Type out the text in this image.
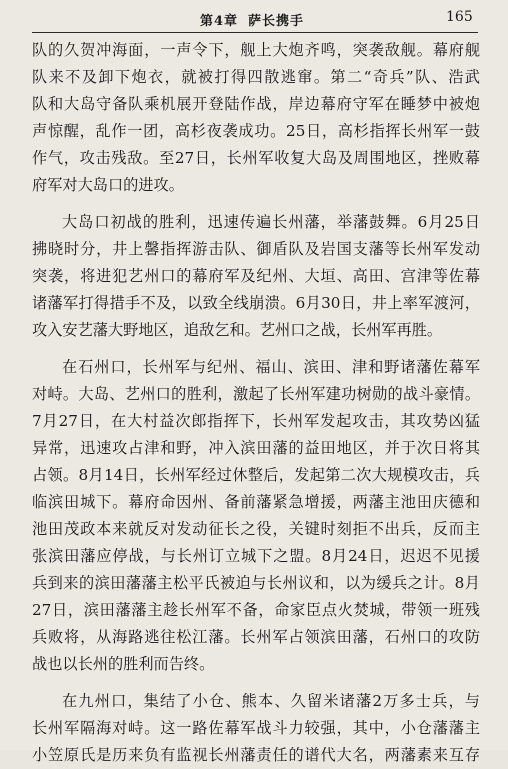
第4章 萨长携手	165
队的久贺冲海面，一声令下，舰上大炮齐鸣，突袭敌舰。幕府舰
队来不及卸下炮衣，就被打得四散逃窜。第二“奇兵”队、浩武
队和大岛守备队乘机展开登陆作战，岸边幕府守军在睡梦中被炮
声惊醒，乱作一团，高杉夜袭成功。25日，高杉指挥长州军一鼓
作气，攻击残敌。至27日，长州军收复大岛及周围地区，挫败幕
府军对大岛口的进攻。
大岛口初战的胜利，迅速传遍长州藩，举藩鼓舞。6月25日
拂晓时分，井上馨指挥游击队、御盾队及岩国支藩等长州军发动
突袭，将进犯艺州口的幕府军及纪州、大垣、高田、宫津等佐幕
诸藩军打得措手不及，以致全线崩溃。6月30日，井上率军渡河，
攻入安艺藩大野地区，追敌乞和。艺州口之战，长州军再胜。
在石州口，长州军与纪州、福山、滨田、津和野诸藩佐幕军
对峙。大岛、艺州口的胜利，激起了长州军建功树勋的战斗豪情。
7月27日，在大村益次郎指挥下，长州军发起攻击，其攻势凶猛
异常，迅速攻占津和野，冲入滨田藩的益田地区，并于次日将其
占领。8月14日，长州军经过休整后，发起第二次大规模攻击，兵
临滨田城下。幕府命因州、备前藩紧急增援，两藩主池田庆德和
池田茂政本来就反对发动征长之役，关键时刻拒不出兵，反而主
张滨田藩应停战，与长州订立城下之盟。8月24日，迟迟不见援
兵到来的滨田藩藩主松平氏被迫与长州议和，以为缓兵之计。8月
27日，滨田藩藩主趁长州军不备，命家臣点火焚城，带领一班残
兵败将，从海路逃往松江藩。长州军占领滨田藩，石州口的攻防
战也以长州的胜利而告终。
在九州口，集结了小仓、熊本、久留米诸藩2万多士兵，与
长州军隔海对峙。这一路佐幕军战斗力较强，其中，小仓藩藩主
小笠原氏是历来负有监视长州藩责任的谱代大名，两藩素来互存
